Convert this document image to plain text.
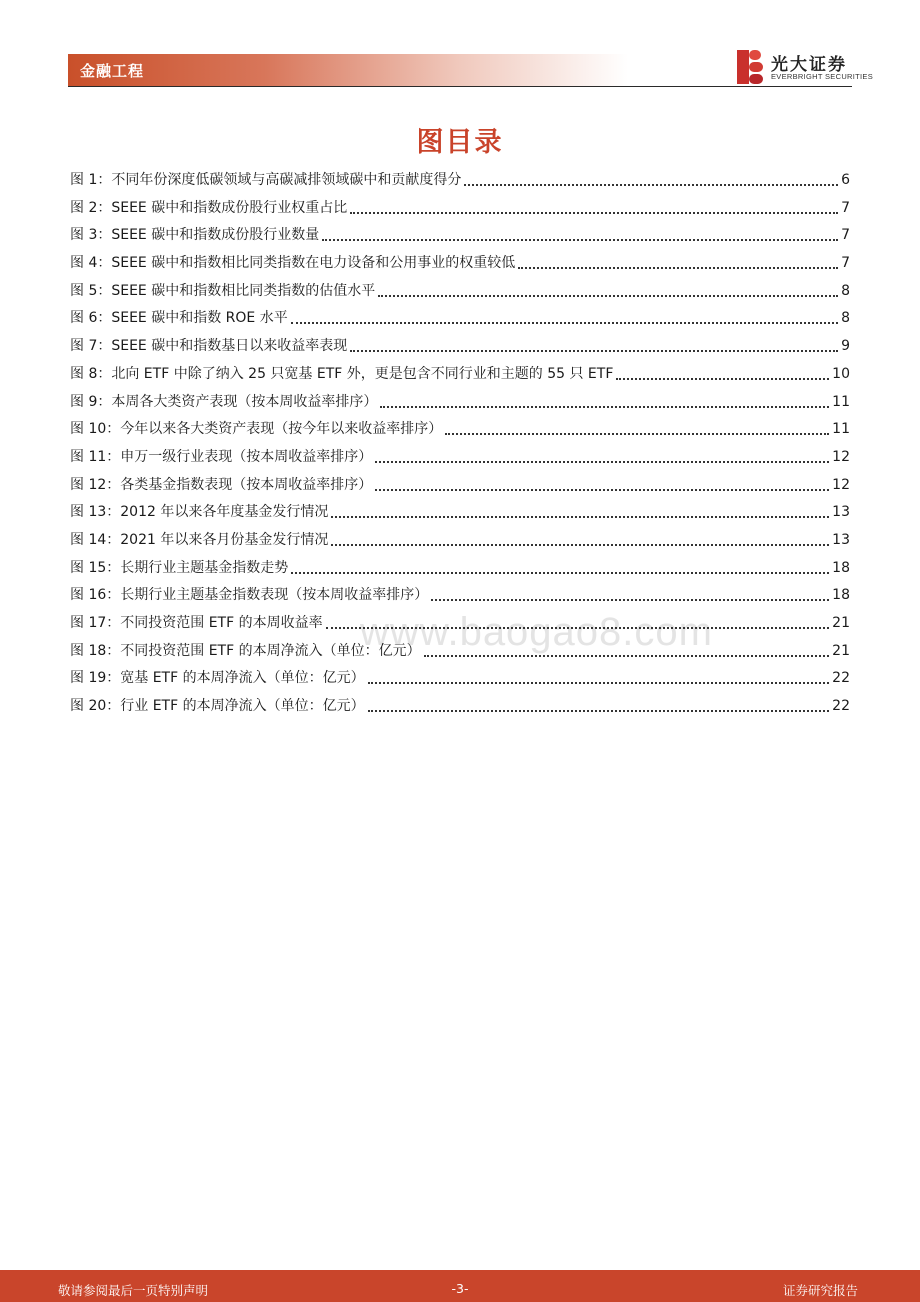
金融工程	光大证券
EVERBRIGHT SECURITIES
图目录
www.baogao8.com
图 1：不同年份深度低碳领域与高碳减排领域碳中和贡献度得分	6
图 2：SEEE 碳中和指数成份股行业权重占比	7
图 3：SEEE 碳中和指数成份股行业数量	7
图 4：SEEE 碳中和指数相比同类指数在电力设备和公用事业的权重较低	7
图 5：SEEE 碳中和指数相比同类指数的估值水平	8
图 6：SEEE 碳中和指数 ROE 水平	8
图 7：SEEE 碳中和指数基日以来收益率表现	9
图 8：北向 ETF 中除了纳入 25 只宽基 ETF 外，更是包含不同行业和主题的 55 只 ETF	10
图 9：本周各大类资产表现（按本周收益率排序）	11
图 10：今年以来各大类资产表现（按今年以来收益率排序）	11
图 11：申万一级行业表现（按本周收益率排序）	12
图 12：各类基金指数表现（按本周收益率排序）	12
图 13：2012 年以来各年度基金发行情况	13
图 14：2021 年以来各月份基金发行情况	13
图 15：长期行业主题基金指数走势	18
图 16：长期行业主题基金指数表现（按本周收益率排序）	18
图 17：不同投资范围 ETF 的本周收益率	21
图 18：不同投资范围 ETF 的本周净流入（单位：亿元）	21
图 19：宽基 ETF 的本周净流入（单位：亿元）	22
图 20：行业 ETF 的本周净流入（单位：亿元）	22
敬请参阅最后一页特别声明	-3-	证券研究报告
